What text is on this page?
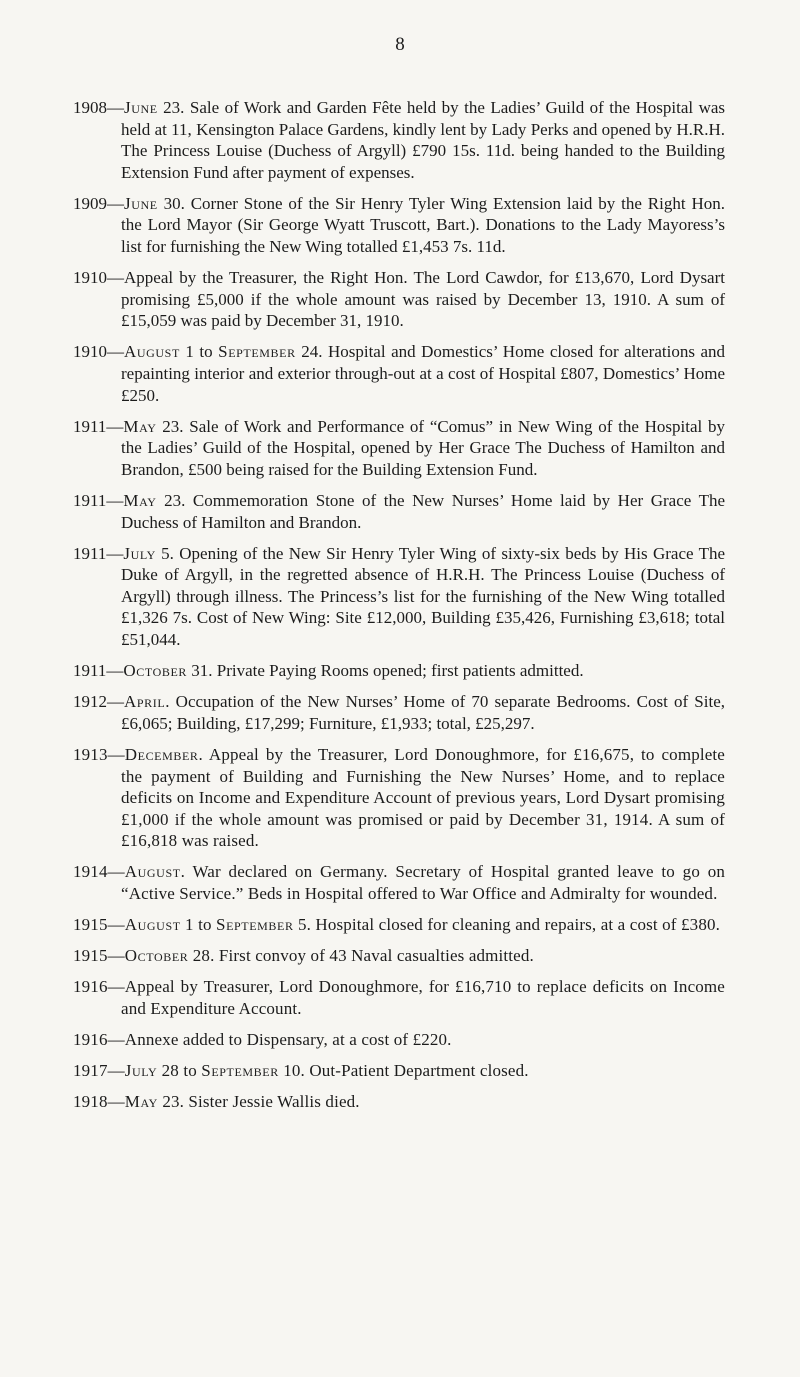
8

1908—June 23. Sale of Work and Garden Fête held by the Ladies’ Guild of the Hospital was held at 11, Kensington Palace Gardens, kindly lent by Lady Perks and opened by H.R.H. The Princess Louise (Duchess of Argyll) £790 15s. 11d. being handed to the Building Extension Fund after payment of expenses.

1909—June 30. Corner Stone of the Sir Henry Tyler Wing Extension laid by the Right Hon. the Lord Mayor (Sir George Wyatt Truscott, Bart.). Donations to the Lady Mayoress’s list for furnishing the New Wing totalled £1,453 7s. 11d.

1910—Appeal by the Treasurer, the Right Hon. The Lord Cawdor, for £13,670, Lord Dysart promising £5,000 if the whole amount was raised by December 13, 1910. A sum of £15,059 was paid by December 31, 1910.

1910—August 1 to September 24. Hospital and Domestics’ Home closed for alterations and repainting interior and exterior through-out at a cost of Hospital £807, Domestics’ Home £250.

1911—May 23. Sale of Work and Performance of “Comus” in New Wing of the Hospital by the Ladies’ Guild of the Hospital, opened by Her Grace The Duchess of Hamilton and Brandon, £500 being raised for the Building Extension Fund.

1911—May 23. Commemoration Stone of the New Nurses’ Home laid by Her Grace The Duchess of Hamilton and Brandon.

1911—July 5. Opening of the New Sir Henry Tyler Wing of sixty-six beds by His Grace The Duke of Argyll, in the regretted absence of H.R.H. The Princess Louise (Duchess of Argyll) through illness. The Princess’s list for the furnishing of the New Wing totalled £1,326 7s. Cost of New Wing: Site £12,000, Building £35,426, Furnishing £3,618; total £51,044.

1911—October 31. Private Paying Rooms opened; first patients admitted.

1912—April. Occupation of the New Nurses’ Home of 70 separate Bedrooms. Cost of Site, £6,065; Building, £17,299; Furniture, £1,933; total, £25,297.

1913—December. Appeal by the Treasurer, Lord Donoughmore, for £16,675, to complete the payment of Building and Furnishing the New Nurses’ Home, and to replace deficits on Income and Expenditure Account of previous years, Lord Dysart promising £1,000 if the whole amount was promised or paid by December 31, 1914. A sum of £16,818 was raised.

1914—August. War declared on Germany. Secretary of Hospital granted leave to go on “Active Service.” Beds in Hospital offered to War Office and Admiralty for wounded.

1915—August 1 to September 5. Hospital closed for cleaning and repairs, at a cost of £380.

1915—October 28. First convoy of 43 Naval casualties admitted.

1916—Appeal by Treasurer, Lord Donoughmore, for £16,710 to replace deficits on Income and Expenditure Account.

1916—Annexe added to Dispensary, at a cost of £220.

1917—July 28 to September 10. Out-Patient Department closed.

1918—May 23. Sister Jessie Wallis died.
